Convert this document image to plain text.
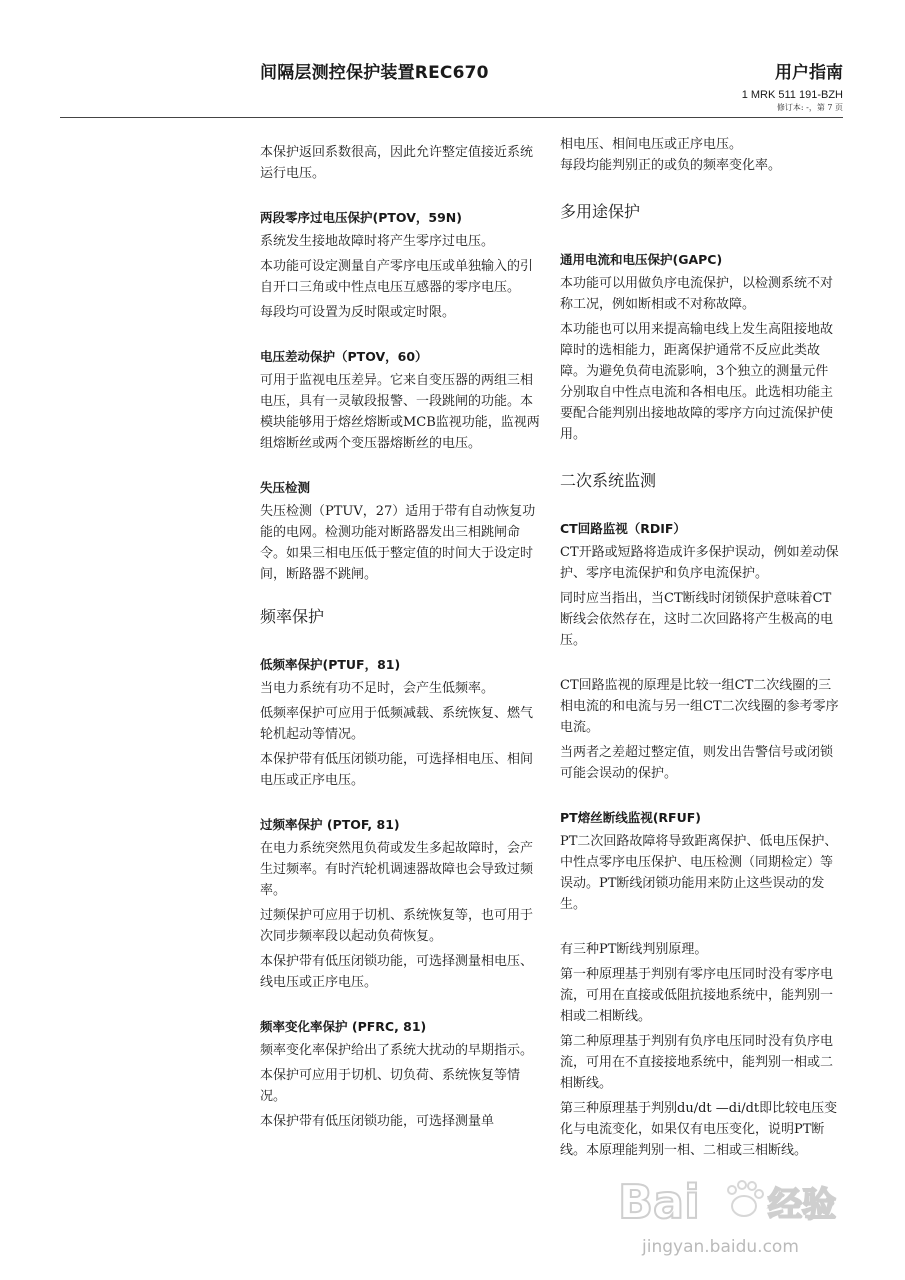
间隔层测控保护装置REC670	用户指南
1 MRK 511 191-BZH
修订本: -，第 7 页

本保护返回系数很高，因此允许整定值接近系统运行电压。

两段零序过电压保护(PTOV，59N)

系统发生接地故障时将产生零序过电压。

本功能可设定测量自产零序电压或单独输入的引自开口三角或中性点电压互感器的零序电压。

每段均可设置为反时限或定时限。

电压差动保护（PTOV，60）

可用于监视电压差异。它来自变压器的两组三相电压，具有一灵敏段报警、一段跳闸的功能。本模块能够用于熔丝熔断或MCB监视功能，监视两组熔断丝或两个变压器熔断丝的电压。

失压检测

失压检测（PTUV，27）适用于带有自动恢复功能的电网。检测功能对断路器发出三相跳闸命令。如果三相电压低于整定值的时间大于设定时间，断路器不跳闸。

频率保护
低频率保护(PTUF，81)

当电力系统有功不足时，会产生低频率。

低频率保护可应用于低频减载、系统恢复、燃气轮机起动等情况。

本保护带有低压闭锁功能，可选择相电压、相间电压或正序电压。

过频率保护 (PTOF, 81)

在电力系统突然甩负荷或发生多起故障时，会产生过频率。有时汽轮机调速器故障也会导致过频率。

过频保护可应用于切机、系统恢复等，也可用于次同步频率段以起动负荷恢复。

本保护带有低压闭锁功能，可选择测量相电压、线电压或正序电压。

频率变化率保护 (PFRC, 81)

频率变化率保护给出了系统大扰动的早期指示。

本保护可应用于切机、切负荷、系统恢复等情况。

本保护带有低压闭锁功能，可选择测量单

相电压、相间电压或正序电压。

每段均能判别正的或负的频率变化率。

多用途保护
通用电流和电压保护(GAPC)

本功能可以用做负序电流保护，以检测系统不对称工况，例如断相或不对称故障。

本功能也可以用来提高输电线上发生高阻接地故障时的选相能力，距离保护通常不反应此类故障。为避免负荷电流影响，3个独立的测量元件分别取自中性点电流和各相电压。此选相功能主要配合能判别出接地故障的零序方向过流保护使用。

二次系统监测
CT回路监视（RDIF）

CT开路或短路将造成许多保护误动，例如差动保护、零序电流保护和负序电流保护。

同时应当指出，当CT断线时闭锁保护意味着CT断线会依然存在，这时二次回路将产生极高的电压。

CT回路监视的原理是比较一组CT二次线圈的三相电流的和电流与另一组CT二次线圈的参考零序电流。

当两者之差超过整定值，则发出告警信号或闭锁可能会误动的保护。

PT熔丝断线监视(RFUF)

PT二次回路故障将导致距离保护、低电压保护、中性点零序电压保护、电压检测（同期检定）等误动。PT断线闭锁功能用来防止这些误动的发生。

有三种PT断线判别原理。

第一种原理基于判别有零序电压同时没有零序电流，可用在直接或低阻抗接地系统中，能判别一相或二相断线。

第二种原理基于判别有负序电压同时没有负序电流，可用在不直接接地系统中，能判别一相或二相断线。

第三种原理基于判别du/dt —di/dt即比较电压变化与电流变化，如果仅有电压变化，说明PT断线。本原理能判别一相、二相或三相断线。

Bai 经验
jingyan.baidu.com
